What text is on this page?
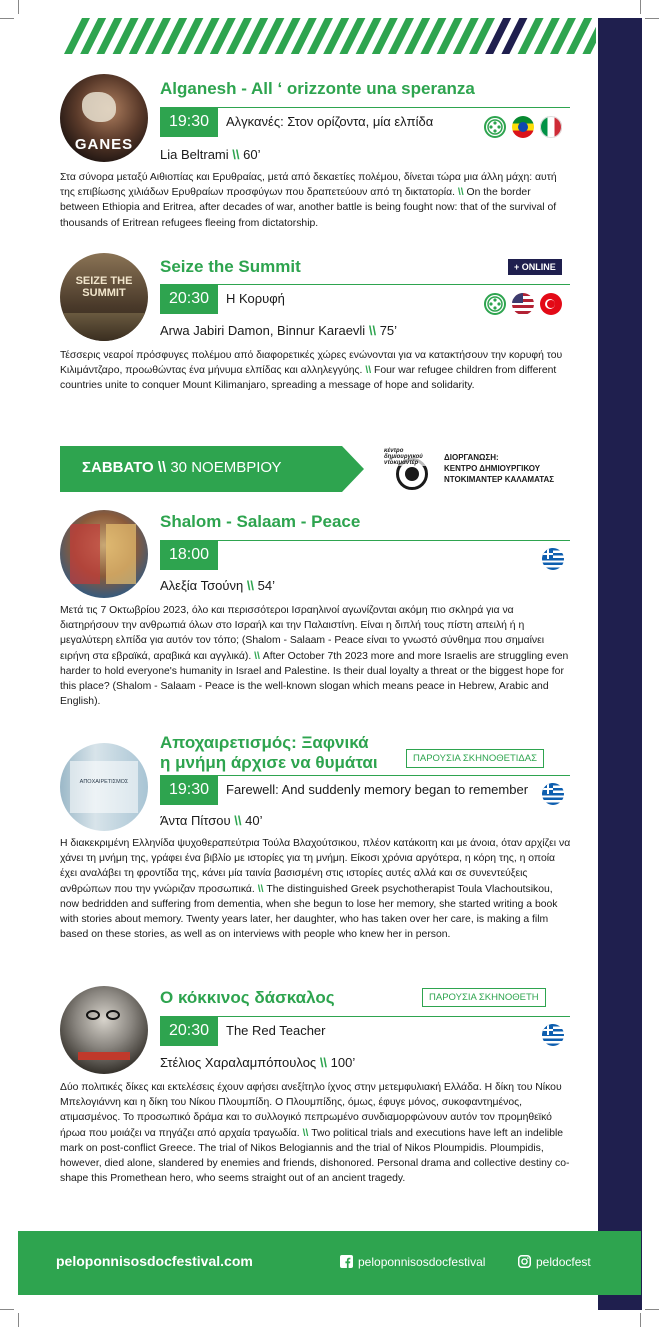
GANES
Alganesh - All ‘ orizzonte una speranza
19:30	Αλγκανές: Στον ορίζοντα, μία ελπίδα
Lia Beltrami \\ 60’
Στα σύνορα μεταξύ Αιθιοπίας και Ερυθραίας, μετά από δεκαετίες πολέμου, δίνεται τώρα μια άλλη μάχη: αυτή της επιβίωσης χιλιάδων Ερυθραίων προσφύγων που δραπετεύουν από τη δικτατορία. \\ On the border between Ethiopia and Eritrea, after decades of war, another battle is being fought now: that of the survival of thousands of Eritrean refugees fleeing from dictatorship.
SEIZE THE SUMMIT
Seize the Summit	+ ONLINE
20:30	Η Κορυφή
Arwa Jabiri Damon, Binnur Karaevli \\ 75’
Τέσσερις νεαροί πρόσφυγες πολέμου από διαφορετικές χώρες ενώνονται για να κατακτήσουν την κορυφή του Κιλιμάντζαρο, προωθώντας ένα μήνυμα ελπίδας και αλληλεγγύης. \\ Four war refugee children from different countries unite to conquer Mount Kilimanjaro, spreading a message of hope and solidarity.
ΣΑΒΒΑΤΟ \\ 30 ΝΟΕΜΒΡΙΟΥ
κέντρο δημιουργικού ντοκιμαντέρ
ΔΙΟΡΓΑΝΩΣΗ:
ΚΕΝΤΡΟ ΔΗΜΙΟΥΡΓΙΚΟΥ
ΝΤΟΚΙΜΑΝΤΕΡ ΚΑΛΑΜΑΤΑΣ
Shalom - Salaam - Peace
18:00
Αλεξία Τσούνη \\ 54’
Μετά τις 7 Οκτωβρίου 2023, όλο και περισσότεροι Ισραηλινοί αγωνίζονται ακόμη πιο σκληρά για να διατηρήσουν την ανθρωπιά όλων στο Ισραήλ και την Παλαιστίνη. Είναι η διπλή τους πίστη απειλή ή η μεγαλύτερη ελπίδα για αυτόν τον τόπο; (Shalom - Salaam - Peace είναι το γνωστό σύνθημα που σημαίνει ειρήνη στα εβραϊκά, αραβικά και αγγλικά). \\ After October 7th 2023 more and more Israelis are struggling even harder to hold everyone's humanity in Israel and Palestine. Is their dual loyalty a threat or the biggest hope for this place? (Shalom - Salaam - Peace is the well-known slogan which means peace in Hebrew, Arabic and English).
ΑΠΟΧΑΙΡΕΤΙΣΜΟΣ
Αποχαιρετισμός: Ξαφνικά
η μνήμη άρχισε να θυμάται	ΠΑΡΟΥΣΙΑ ΣΚΗΝΟΘΕΤΙΔΑΣ
19:30	Farewell: And suddenly memory began to remember
Άντα Πίτσου \\ 40’
Η διακεκριμένη Ελληνίδα ψυχοθεραπεύτρια Τούλα Βλαχούτσικου, πλέον κατάκοιτη και με άνοια, όταν αρχίζει να χάνει τη μνήμη της, γράφει ένα βιβλίο με ιστορίες για τη μνήμη. Είκοσι χρόνια αργότερα, η κόρη της, η οποία έχει αναλάβει τη φροντίδα της, κάνει μία ταινία βασισμένη στις ιστορίες αυτές αλλά και σε συνεντεύξεις ανθρώπων που την γνώριζαν προσωπικά. \\ The distinguished Greek psychotherapist Toula Vlachoutsikou, now bedridden and suffering from dementia, when she begun to lose her memory, she started writing a book with stories about memory. Twenty years later, her daughter, who has taken over her care, is making a film based on these stories, as well as on interviews with people who knew her in person.
Ο κόκκινος δάσκαλος	ΠΑΡΟΥΣΙΑ ΣΚΗΝΟΘΕΤΗ
20:30	The Red Teacher
Στέλιος Χαραλαμπόπουλος \\ 100’
Δύο πολιτικές δίκες και εκτελέσεις έχουν αφήσει ανεξίτηλο ίχνος στην μετεμφυλιακή Ελλάδα. Η δίκη του Νίκου Μπελογιάννη και η δίκη του Νίκου Πλουμπίδη. Ο Πλουμπίδης, όμως, έφυγε μόνος, συκοφαντημένος, ατιμασμένος. Το προσωπικό δράμα και το συλλογικό πεπρωμένο συνδιαμορφώνουν αυτόν τον προμηθεϊκό ήρωα που μοιάζει να πηγάζει από αρχαία τραγωδία. \\ Two political trials and executions have left an indelible mark on post-conflict Greece. The trial of Nikos Belogiannis and the trial of Nikos Ploumpidis. Ploumpidis, however, died alone, slandered by enemies and friends, dishonored. Personal drama and collective destiny co-shape this Promethean hero, who seems straight out of an ancient tragedy.
peloponnisosdocfestival.com	peloponnisosdocfestival	peldocfest
